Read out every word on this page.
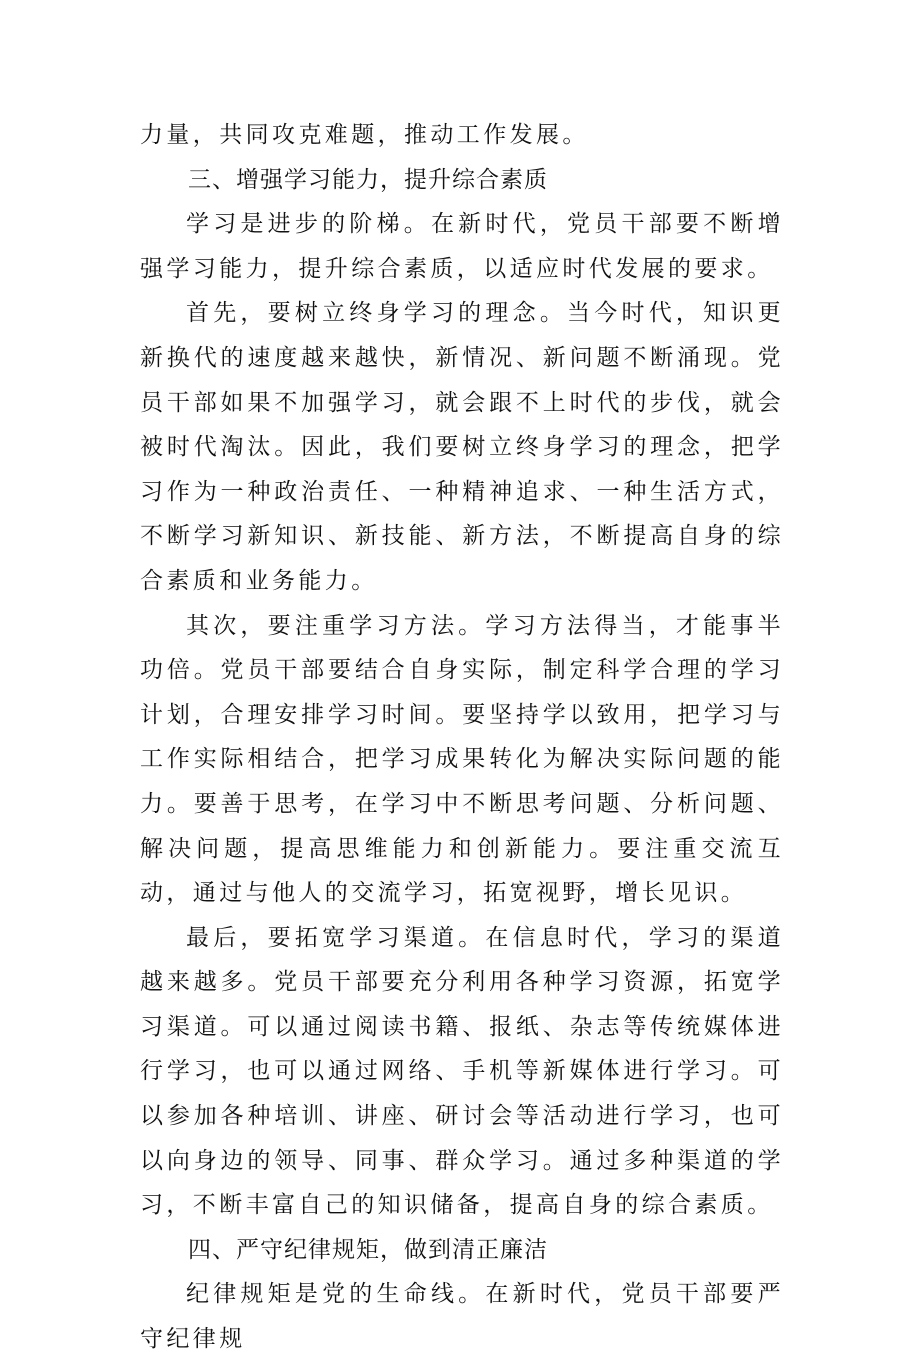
力量，共同攻克难题，推动工作发展。

三、增强学习能力，提升综合素质

学习是进步的阶梯。在新时代，党员干部要不断增强学习能力，提升综合素质，以适应时代发展的要求。

首先，要树立终身学习的理念。当今时代，知识更新换代的速度越来越快，新情况、新问题不断涌现。党员干部如果不加强学习，就会跟不上时代的步伐，就会被时代淘汰。因此，我们要树立终身学习的理念，把学习作为一种政治责任、一种精神追求、一种生活方式，不断学习新知识、新技能、新方法，不断提高自身的综合素质和业务能力。

其次，要注重学习方法。学习方法得当，才能事半功倍。党员干部要结合自身实际，制定科学合理的学习计划，合理安排学习时间。要坚持学以致用，把学习与工作实际相结合，把学习成果转化为解决实际问题的能力。要善于思考，在学习中不断思考问题、分析问题、解决问题，提高思维能力和创新能力。要注重交流互动，通过与他人的交流学习，拓宽视野，增长见识。

最后，要拓宽学习渠道。在信息时代，学习的渠道越来越多。党员干部要充分利用各种学习资源，拓宽学习渠道。可以通过阅读书籍、报纸、杂志等传统媒体进行学习，也可以通过网络、手机等新媒体进行学习。可以参加各种培训、讲座、研讨会等活动进行学习，也可以向身边的领导、同事、群众学习。通过多种渠道的学习，不断丰富自己的知识储备，提高自身的综合素质。

四、严守纪律规矩，做到清正廉洁

纪律规矩是党的生命线。在新时代，党员干部要严守纪律规
